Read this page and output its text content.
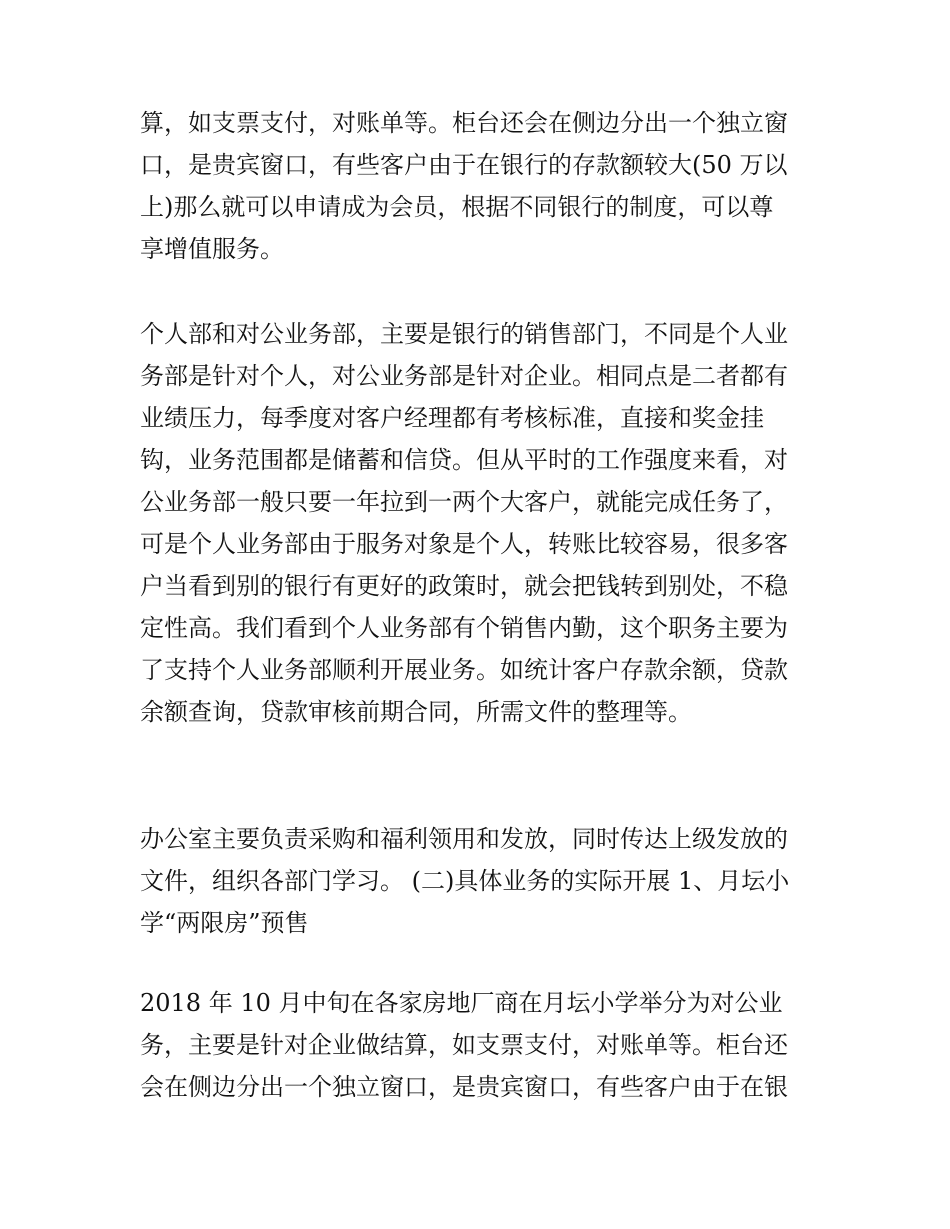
算，如支票支付，对账单等。柜台还会在侧边分出一个独立窗
口，是贵宾窗口，有些客户由于在银行的存款额较大(50 万以
上)那么就可以申请成为会员，根据不同银行的制度，可以尊
享增值服务。
个人部和对公业务部，主要是银行的销售部门，不同是个人业
务部是针对个人，对公业务部是针对企业。相同点是二者都有
业绩压力，每季度对客户经理都有考核标准，直接和奖金挂
钩，业务范围都是储蓄和信贷。但从平时的工作强度来看，对
公业务部一般只要一年拉到一两个大客户，就能完成任务了，
可是个人业务部由于服务对象是个人，转账比较容易，很多客
户当看到别的银行有更好的政策时，就会把钱转到别处，不稳
定性高。我们看到个人业务部有个销售内勤，这个职务主要为
了支持个人业务部顺利开展业务。如统计客户存款余额，贷款
余额查询，贷款审核前期合同，所需文件的整理等。
办公室主要负责采购和福利领用和发放，同时传达上级发放的
文件，组织各部门学习。 (二)具体业务的实际开展 1、月坛小
学“两限房”预售
2018 年 10 月中旬在各家房地厂商在月坛小学举分为对公业
务，主要是针对企业做结算，如支票支付，对账单等。柜台还
会在侧边分出一个独立窗口，是贵宾窗口，有些客户由于在银
